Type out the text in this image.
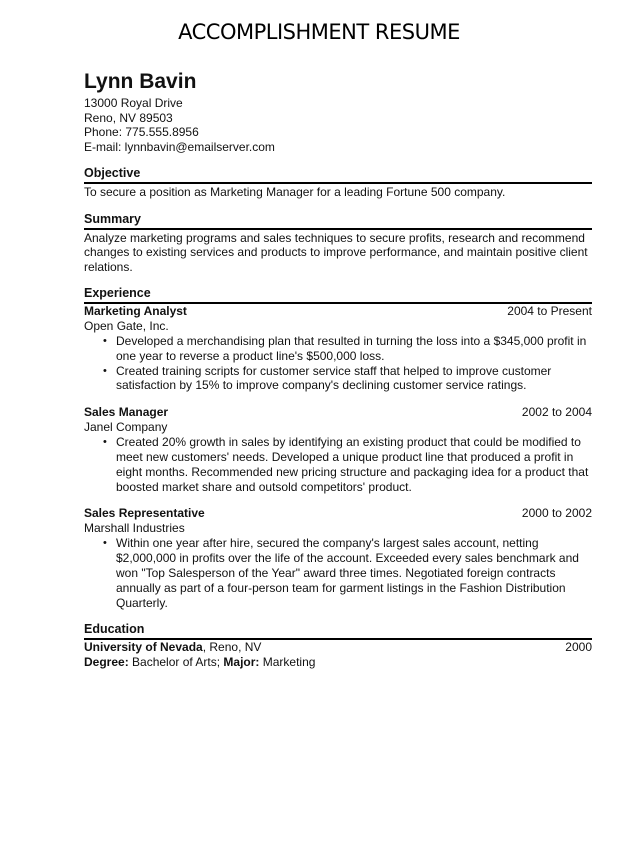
ACCOMPLISHMENT RESUME
Lynn Bavin
13000 Royal Drive
Reno, NV 89503
Phone: 775.555.8956
E-mail: lynnbavin@emailserver.com
Objective
To secure a position as Marketing Manager for a leading Fortune 500 company.
Summary
Analyze marketing programs and sales techniques to secure profits, research and recommend changes to existing services and products to improve performance, and maintain positive client relations.
Experience
Marketing Analyst	2004 to Present
Open Gate, Inc.
• Developed a merchandising plan that resulted in turning the loss into a $345,000 profit in one year to reverse a product line's $500,000 loss.
• Created training scripts for customer service staff that helped to improve customer satisfaction by 15% to improve company's declining customer service ratings.
Sales Manager	2002 to 2004
Janel Company
• Created 20% growth in sales by identifying an existing product that could be modified to meet new customers' needs. Developed a unique product line that produced a profit in eight months. Recommended new pricing structure and packaging idea for a product that boosted market share and outsold competitors' product.
Sales Representative	2000 to 2002
Marshall Industries
• Within one year after hire, secured the company's largest sales account, netting $2,000,000 in profits over the life of the account. Exceeded every sales benchmark and won "Top Salesperson of the Year" award three times. Negotiated foreign contracts annually as part of a four-person team for garment listings in the Fashion Distribution Quarterly.
Education
University of Nevada, Reno, NV	2000
Degree: Bachelor of Arts; Major: Marketing
